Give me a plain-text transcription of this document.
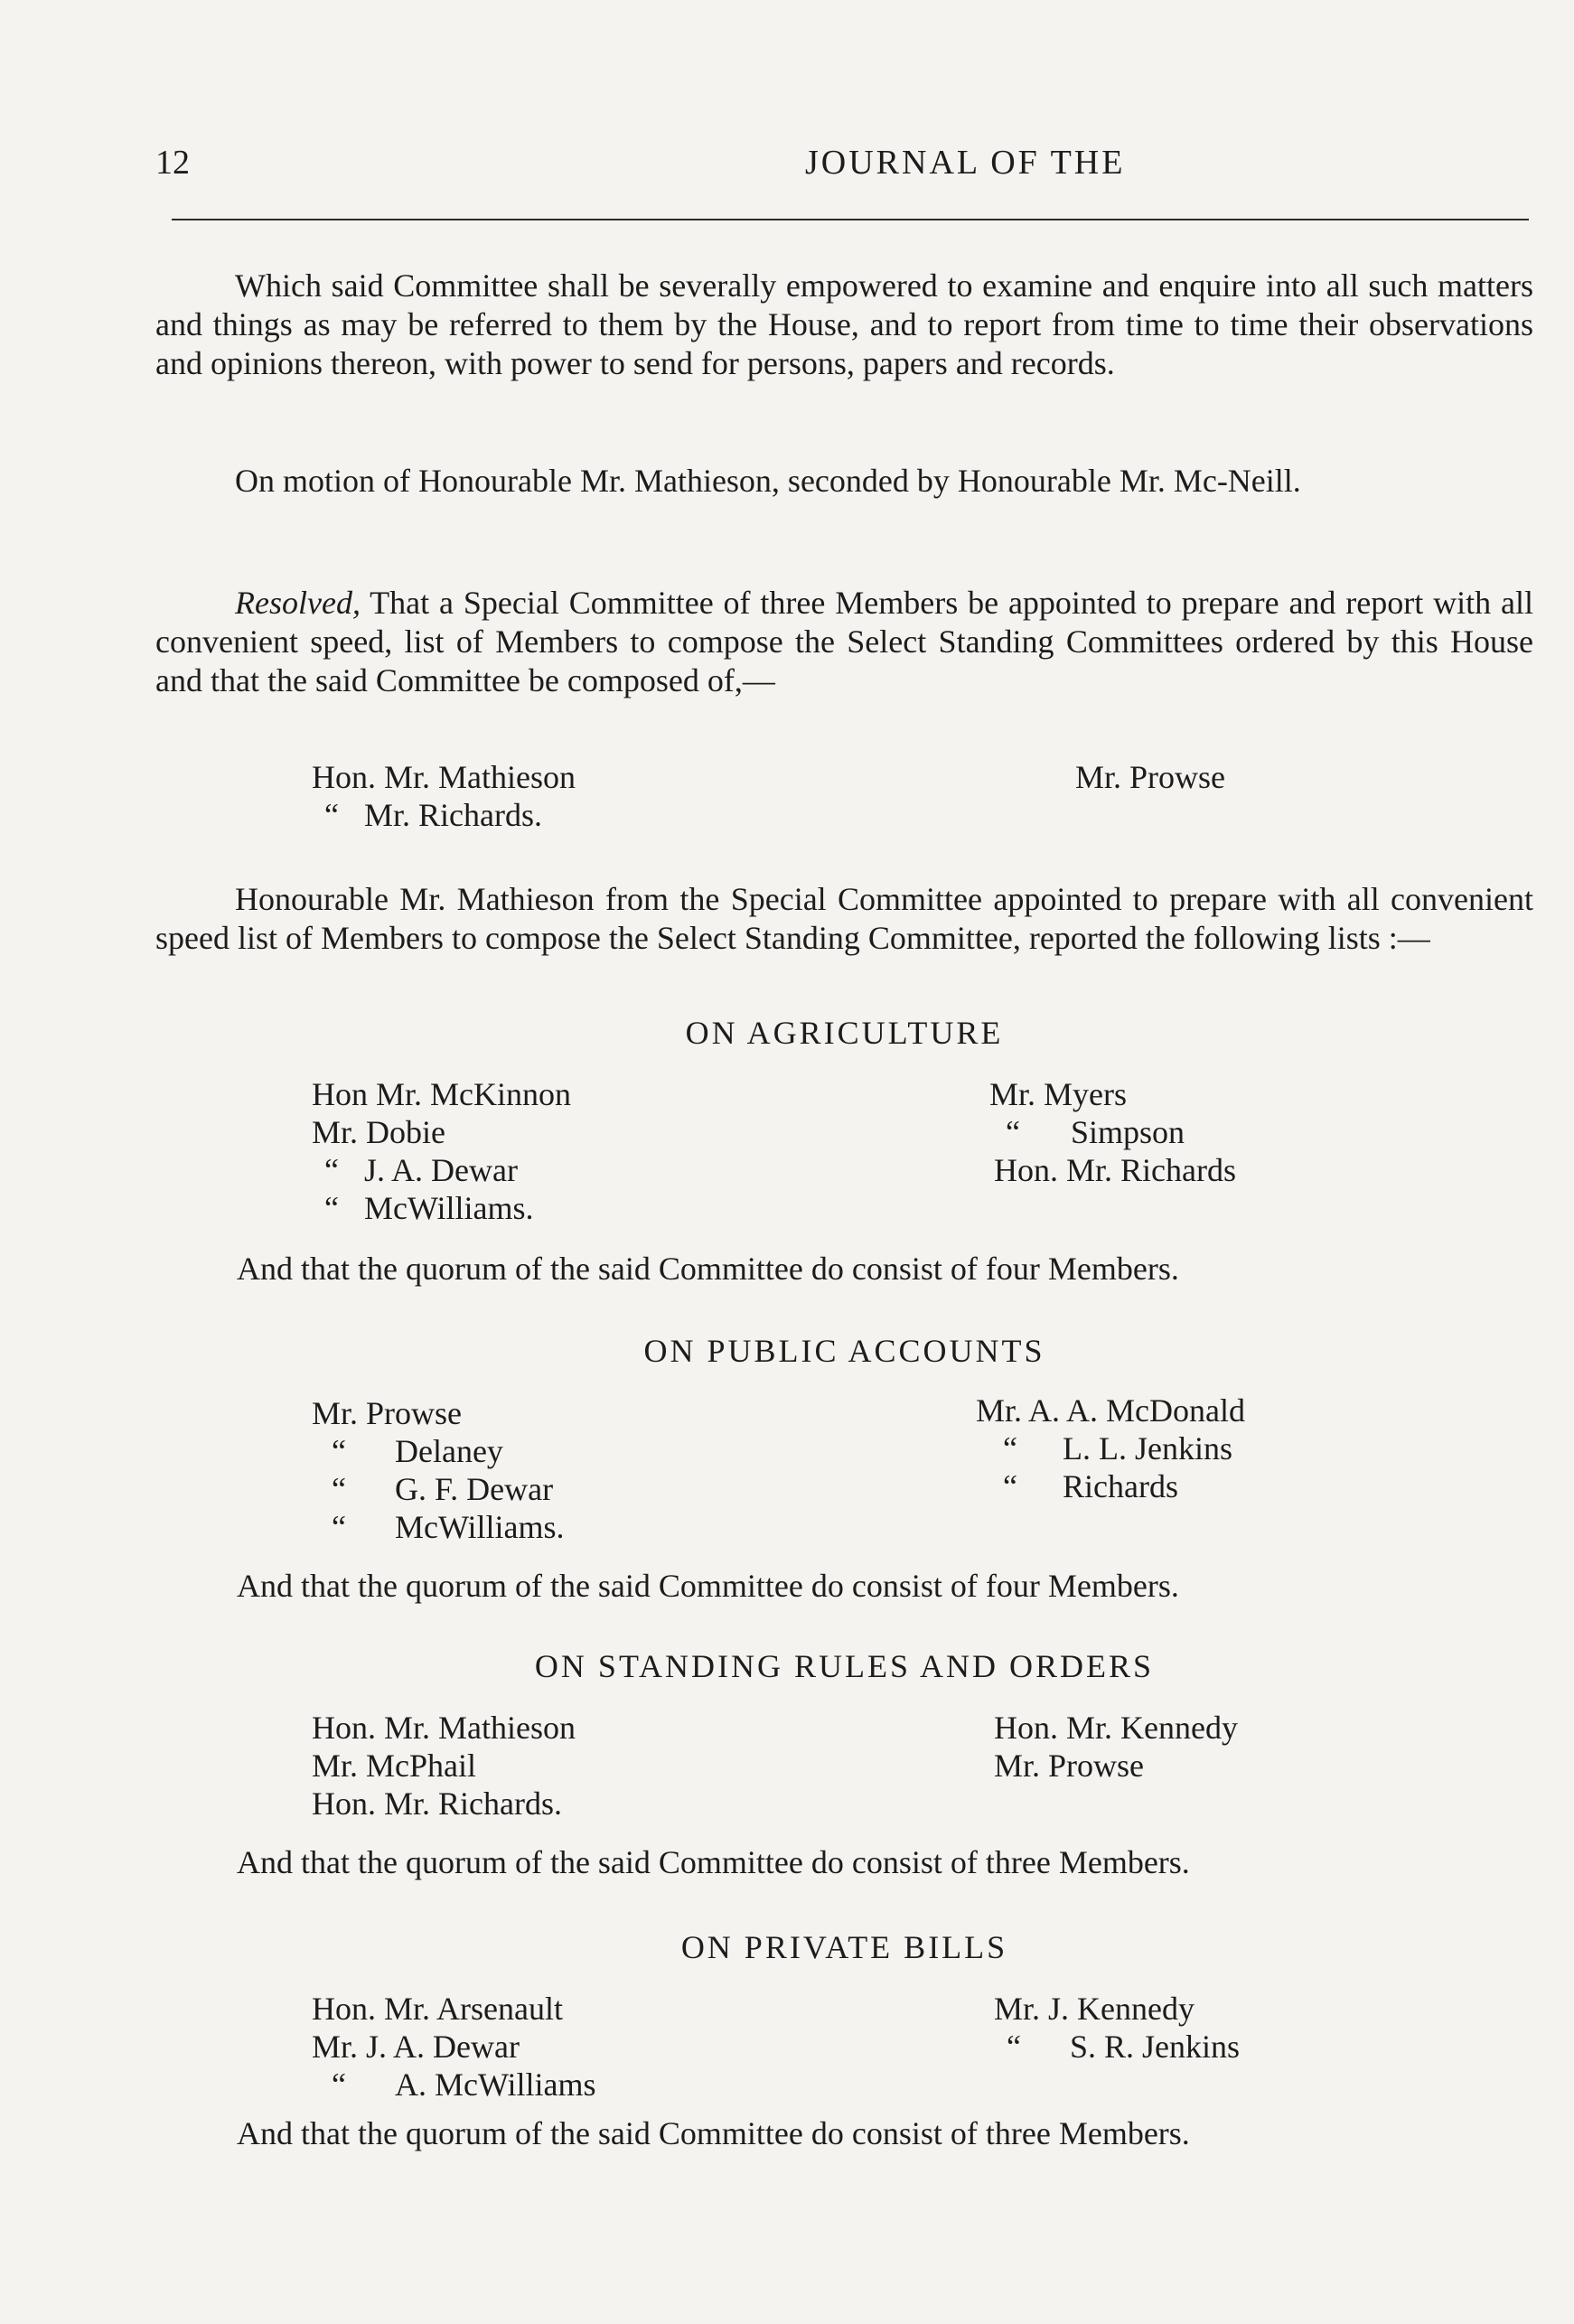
12	JOURNAL OF THE

Which said Committee shall be severally empowered to examine and enquire into all such matters and things as may be referred to them by the House, and to report from time to time their observations and opinions thereon, with power to send for persons, papers and records.

On motion of Honourable Mr. Mathieson, seconded by Honourable Mr. Mc-Neill.

Resolved, That a Special Committee of three Members be appointed to prepare and report with all convenient speed, list of Members to compose the Select Standing Committees ordered by this House and that the said Committee be composed of,—

Hon. Mr. Mathieson
“ Mr. Richards.
Mr. Prowse

Honourable Mr. Mathieson from the Special Committee appointed to prepare with all convenient speed list of Members to compose the Select Standing Committee, reported the following lists :—

ON AGRICULTURE
Hon Mr. McKinnon
Mr. Dobie
“ J. A. Dewar
“ McWilliams.
Mr. Myers
“ Simpson
Hon. Mr. Richards

And that the quorum of the said Committee do consist of four Members.

ON PUBLIC ACCOUNTS
Mr. Prowse
“ Delaney
“ G. F. Dewar
“ McWilliams.
Mr. A. A. McDonald
“ L. L. Jenkins
“ Richards

And that the quorum of the said Committee do consist of four Members.

ON STANDING RULES AND ORDERS
Hon. Mr. Mathieson
Mr. McPhail
Hon. Mr. Richards.
Hon. Mr. Kennedy
Mr. Prowse

And that the quorum of the said Committee do consist of three Members.

ON PRIVATE BILLS
Hon. Mr. Arsenault
Mr. J. A. Dewar
“ A. McWilliams
Mr. J. Kennedy
“ S. R. Jenkins

And that the quorum of the said Committee do consist of three Members.
